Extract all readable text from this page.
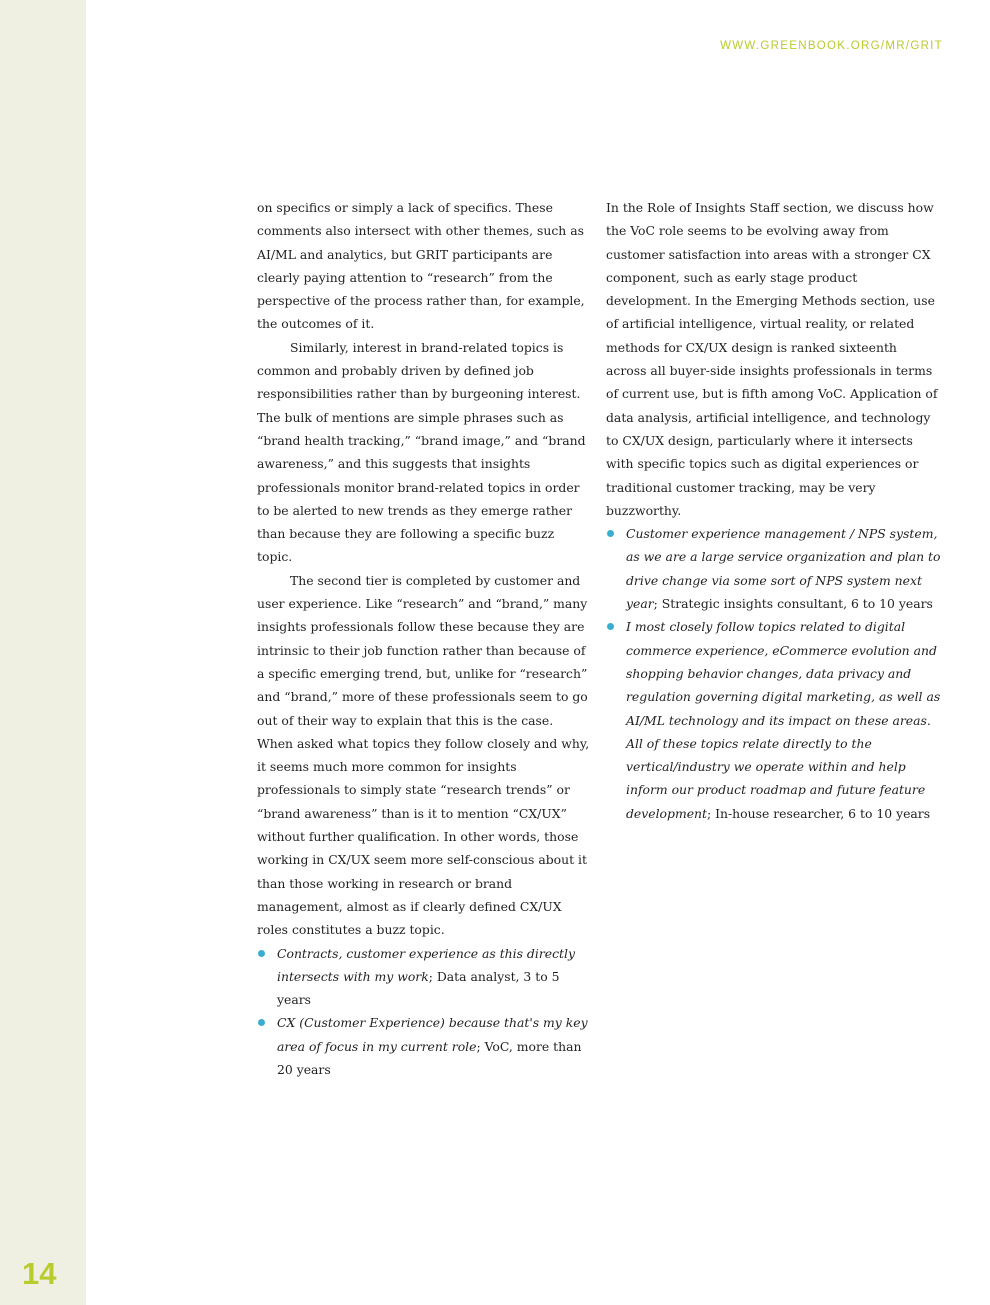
14

WWW.GREENBOOK.ORG/MR/GRIT

on specifics or simply a lack of specifics. These comments also intersect with other themes, such as AI/ML and analytics, but GRIT participants are clearly paying attention to “research” from the perspective of the process rather than, for example, the outcomes of it.

Similarly, interest in brand-related topics is common and probably driven by defined job responsibilities rather than by burgeoning interest. The bulk of mentions are simple phrases such as “brand health tracking,” “brand image,” and “brand awareness,” and this suggests that insights professionals monitor brand-related topics in order to be alerted to new trends as they emerge rather than because they are following a specific buzz topic.

The second tier is completed by customer and user experience. Like “research” and “brand,” many insights professionals follow these because they are intrinsic to their job function rather than because of a specific emerging trend, but, unlike for “research” and “brand,” more of these professionals seem to go out of their way to explain that this is the case. When asked what topics they follow closely and why, it seems much more common for insights professionals to simply state “research trends” or “brand awareness” than is it to mention “CX/UX” without further qualification. In other words, those working in CX/UX seem more self-conscious about it than those working in research or brand management, almost as if clearly defined CX/UX roles constitutes a buzz topic.

Contracts, customer experience as this directly intersects with my work; Data analyst, 3 to 5 years
CX (Customer Experience) because that's my key area of focus in my current role; VoC, more than 20 years

In the Role of Insights Staff section, we discuss how the VoC role seems to be evolving away from customer satisfaction into areas with a stronger CX component, such as early stage product development. In the Emerging Methods section, use of artificial intelligence, virtual reality, or related methods for CX/UX design is ranked sixteenth across all buyer-side insights professionals in terms of current use, but is fifth among VoC. Application of data analysis, artificial intelligence, and technology to CX/UX design, particularly where it intersects with specific topics such as digital experiences or traditional customer tracking, may be very buzzworthy.

Customer experience management / NPS system, as we are a large service organization and plan to drive change via some sort of NPS system next year; Strategic insights consultant, 6 to 10 years
I most closely follow topics related to digital commerce experience, eCommerce evolution and shopping behavior changes, data privacy and regulation governing digital marketing, as well as AI/ML technology and its impact on these areas. All of these topics relate directly to the vertical/industry we operate within and help inform our product roadmap and future feature development; In-house researcher, 6 to 10 years
